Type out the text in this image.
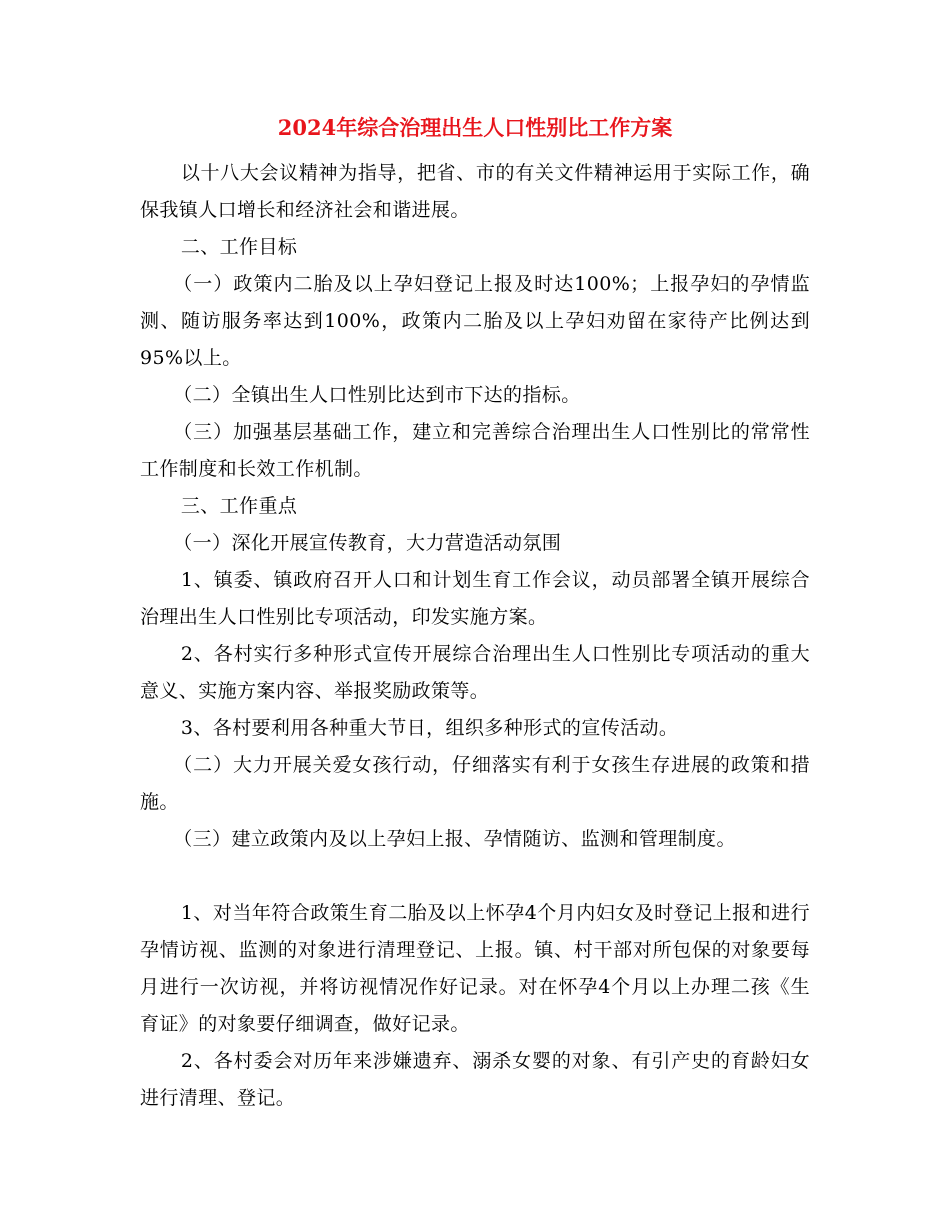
2024年综合治理出生人口性别比工作方案

以十八大会议精神为指导，把省、市的有关文件精神运用于实际工作，确保我镇人口增长和经济社会和谐进展。

二、工作目标

（一）政策内二胎及以上孕妇登记上报及时达100%；上报孕妇的孕情监测、随访服务率达到100%，政策内二胎及以上孕妇劝留在家待产比例达到95%以上。

（二）全镇出生人口性别比达到市下达的指标。

（三）加强基层基础工作，建立和完善综合治理出生人口性别比的常常性工作制度和长效工作机制。

三、工作重点

（一）深化开展宣传教育，大力营造活动氛围

1、镇委、镇政府召开人口和计划生育工作会议，动员部署全镇开展综合治理出生人口性别比专项活动，印发实施方案。

2、各村实行多种形式宣传开展综合治理出生人口性别比专项活动的重大意义、实施方案内容、举报奖励政策等。

3、各村要利用各种重大节日，组织多种形式的宣传活动。

（二）大力开展关爱女孩行动，仔细落实有利于女孩生存进展的政策和措施。

（三）建立政策内及以上孕妇上报、孕情随访、监测和管理制度。

1、对当年符合政策生育二胎及以上怀孕4个月内妇女及时登记上报和进行孕情访视、监测的对象进行清理登记、上报。镇、村干部对所包保的对象要每月进行一次访视，并将访视情况作好记录。对在怀孕4个月以上办理二孩《生育证》的对象要仔细调查，做好记录。

2、各村委会对历年来涉嫌遗弃、溺杀女婴的对象、有引产史的育龄妇女进行清理、登记。
